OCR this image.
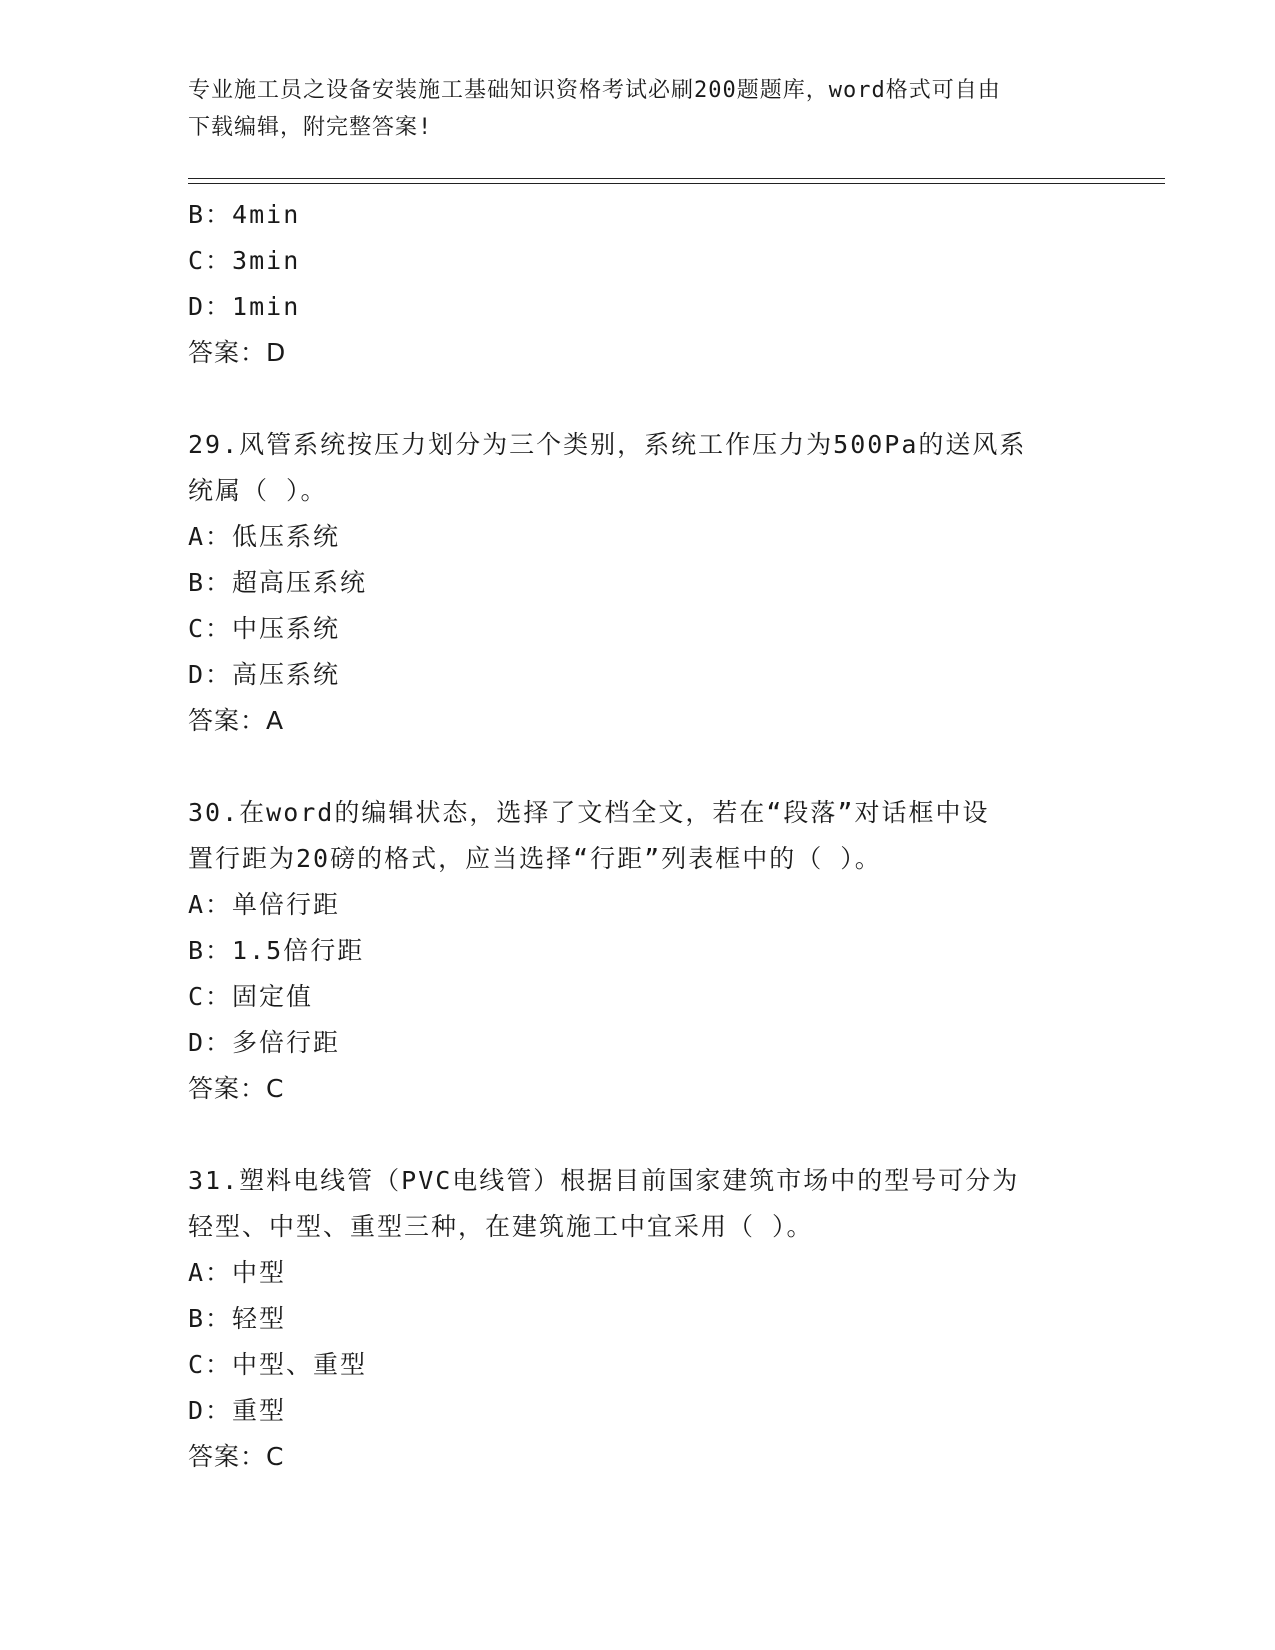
专业施工员之设备安装施工基础知识资格考试必刷200题题库，word格式可自由
下载编辑，附完整答案!
B：4min
C：3min
D：1min
答案：D
29.风管系统按压力划分为三个类别，系统工作压力为500Pa的送风系
统属（ ）。
A：低压系统
B：超高压系统
C：中压系统
D：高压系统
答案：A
30.在word的编辑状态，选择了文档全文，若在“段落”对话框中设
置行距为20磅的格式，应当选择“行距”列表框中的（ ）。
A：单倍行距
B：1.5倍行距
C：固定值
D：多倍行距
答案：C
31.塑料电线管（PVC电线管）根据目前国家建筑市场中的型号可分为
轻型、中型、重型三种，在建筑施工中宜采用（ ）。
A：中型
B：轻型
C：中型、重型
D：重型
答案：C
